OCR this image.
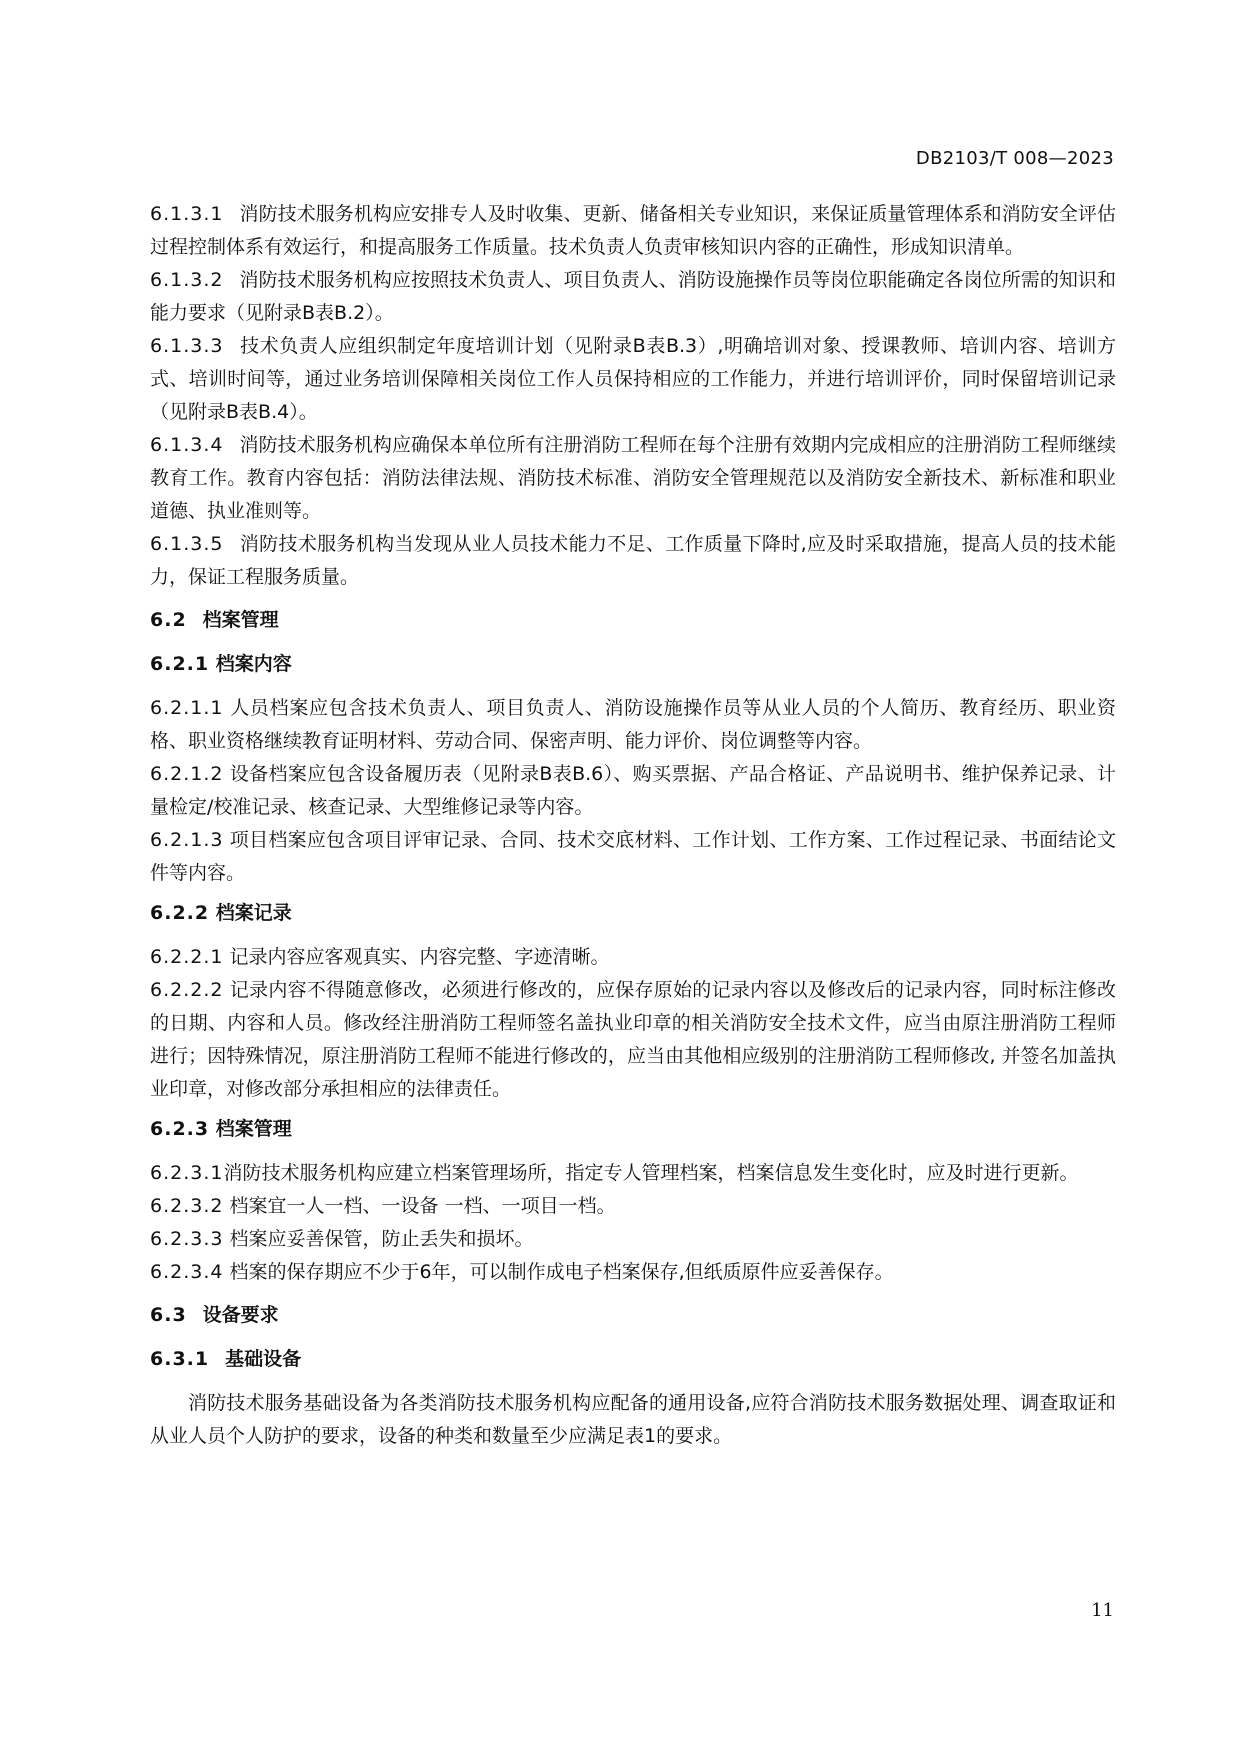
DB2103/T 008—2023

6.1.3.1 消防技术服务机构应安排专人及时收集、更新、储备相关专业知识，来保证质量管理体系和消防安全评估过程控制体系有效运行，和提高服务工作质量。技术负责人负责审核知识内容的正确性，形成知识清单。

6.1.3.2 消防技术服务机构应按照技术负责人、项目负责人、消防设施操作员等岗位职能确定各岗位所需的知识和能力要求（见附录B表B.2）。

6.1.3.3 技术负责人应组织制定年度培训计划（见附录B表B.3）,明确培训对象、授课教师、培训内容、培训方式、培训时间等，通过业务培训保障相关岗位工作人员保持相应的工作能力，并进行培训评价，同时保留培训记录（见附录B表B.4）。

6.1.3.4 消防技术服务机构应确保本单位所有注册消防工程师在每个注册有效期内完成相应的注册消防工程师继续教育工作。教育内容包括：消防法律法规、消防技术标准、消防安全管理规范以及消防安全新技术、新标准和职业道德、执业准则等。

6.1.3.5 消防技术服务机构当发现从业人员技术能力不足、工作质量下降时,应及时采取措施，提高人员的技术能力，保证工程服务质量。

6.2 档案管理

6.2.1 档案内容

6.2.1.1 人员档案应包含技术负责人、项目负责人、消防设施操作员等从业人员的个人简历、教育经历、职业资格、职业资格继续教育证明材料、劳动合同、保密声明、能力评价、岗位调整等内容。

6.2.1.2 设备档案应包含设备履历表（见附录B表B.6）、购买票据、产品合格证、产品说明书、维护保养记录、计量检定/校准记录、核查记录、大型维修记录等内容。

6.2.1.3 项目档案应包含项目评审记录、合同、技术交底材料、工作计划、工作方案、工作过程记录、书面结论文件等内容。

6.2.2 档案记录

6.2.2.1 记录内容应客观真实、内容完整、字迹清晰。

6.2.2.2 记录内容不得随意修改，必须进行修改的，应保存原始的记录内容以及修改后的记录内容，同时标注修改的日期、内容和人员。修改经注册消防工程师签名盖执业印章的相关消防安全技术文件，应当由原注册消防工程师进行；因特殊情况，原注册消防工程师不能进行修改的，应当由其他相应级别的注册消防工程师修改, 并签名加盖执业印章，对修改部分承担相应的法律责任。

6.2.3 档案管理

6.2.3.1消防技术服务机构应建立档案管理场所，指定专人管理档案，档案信息发生变化时，应及时进行更新。

6.2.3.2 档案宜一人一档、一设备 一档、一项目一档。

6.2.3.3 档案应妥善保管，防止丢失和损坏。

6.2.3.4 档案的保存期应不少于6年，可以制作成电子档案保存,但纸质原件应妥善保存。

6.3 设备要求

6.3.1 基础设备

消防技术服务基础设备为各类消防技术服务机构应配备的通用设备,应符合消防技术服务数据处理、调查取证和从业人员个人防护的要求，设备的种类和数量至少应满足表1的要求。

11
